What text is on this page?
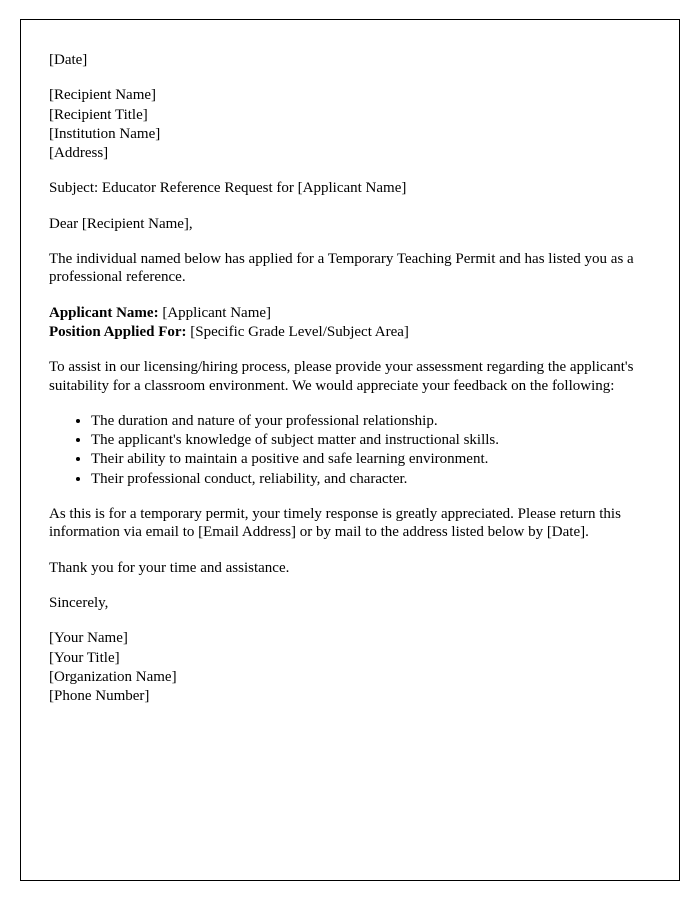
[Date]

[Recipient Name]

[Recipient Title]

[Institution Name]

[Address]

Subject: Educator Reference Request for [Applicant Name]

Dear [Recipient Name],

The individual named below has applied for a Temporary Teaching Permit and has listed you as a professional reference.

Applicant Name: [Applicant Name]

Position Applied For: [Specific Grade Level/Subject Area]

To assist in our licensing/hiring process, please provide your assessment regarding the applicant's suitability for a classroom environment. We would appreciate your feedback on the following:

• The duration and nature of your professional relationship.
• The applicant's knowledge of subject matter and instructional skills.
• Their ability to maintain a positive and safe learning environment.
• Their professional conduct, reliability, and character.

As this is for a temporary permit, your timely response is greatly appreciated. Please return this information via email to [Email Address] or by mail to the address listed below by [Date].

Thank you for your time and assistance.

Sincerely,

[Your Name]

[Your Title]

[Organization Name]

[Phone Number]
